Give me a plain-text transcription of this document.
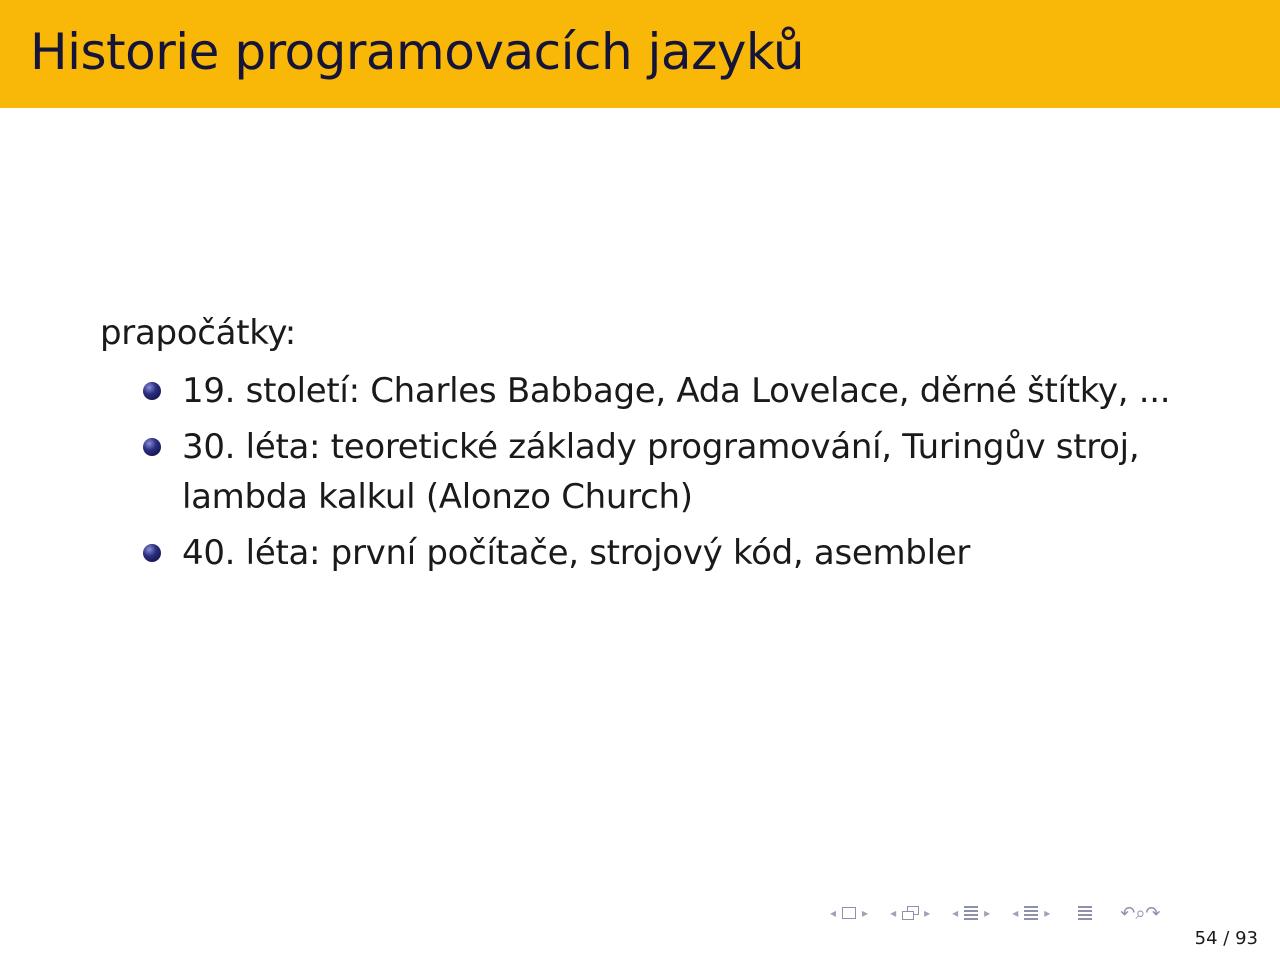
Historie programovacích jazyků

prapočátky:

19. století: Charles Babbage, Ada Lovelace, děrné štítky, ...
30. léta: teoretické základy programování, Turingův stroj, lambda kalkul (Alonzo Church)
40. léta: první počítače, strojový kód, asembler
◂ ▸ ◂ ▸ ◂ ▸ ◂ ▸	↶⌕↷
54 / 93
